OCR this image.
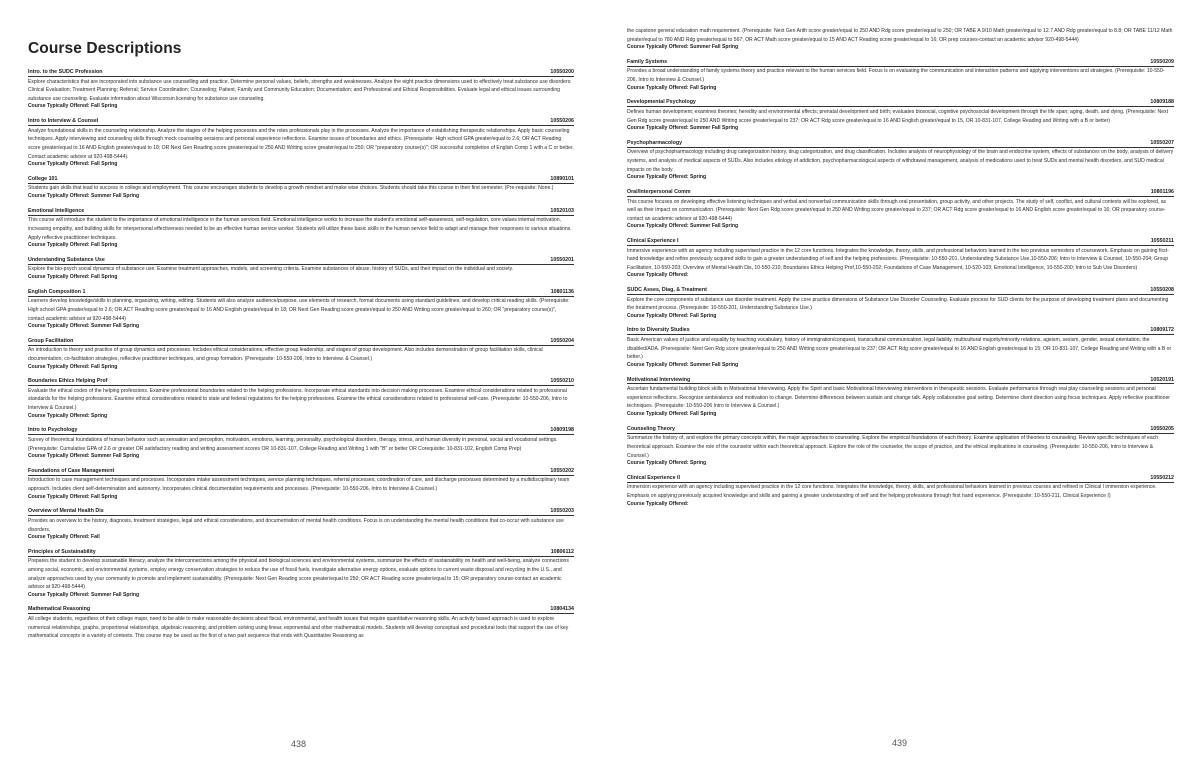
Course Descriptions
Intro. to the SUDC Profession	10550200
Explore characteristics that are incorporated into substance use counselling and practice. Determine personal values, beliefs, strengths and weaknesses. Analyze the eight practice dimensions used to effectively treat substance use disorders: Clinical Evaluation; Treatment Planning; Referral; Service Coordination; Counseling; Patient, Family and Community Education; Documentation; and Professional and Ethical Responsibilities. Evaluate legal and ethical issues surrounding substance use counseling. Evaluate information about Wisconsin licensing for substance use counseling.
Course Typically Offered: Fall Spring
Intro to Interview & Counsel	10550206
Analyze foundational skills in the counseling relationship. Analyze the stages of the helping processes and the roles professionals play in the processes. Analyze the importance of establishing therapeutic relationships. Apply basic counseling techniques. Apply interviewing and counseling skills through mock counseling sessions and personal experience reflections. Examine issues of boundaries and ethics. (Prerequisite: High school GPA greater/equal to 2.6; OR ACT Reading score greater/equal to 16 AND English greater/equal to 18; OR Next Gen Reading score greater/equal to 250 AND Writing score greater/equal to 250; OR "preparatory course(s)"; OR successful completion of English Comp 1 with a C or better. Contact academic advisor at 920-498-5444).
Course Typically Offered: Fall Spring
College 101	10890101
Students gain skills that lead to success in college and employment. This course encourages students to develop a growth mindset and make wise choices. Students should take this course in their first semester. (Pre-requisite: None.)
Course Typically Offered: Summer Fall Spring
Emotional Intelligence	10520103
This course will introduce the student to the importance of emotional intelligence in the human services field. Emotional intelligence works to increase the student's emotional self-awareness, self-regulation, core values internal motivation, increasing empathy, and building skills for interpersonal effectiveness needed to be an effective human service worker. Students will utilize these basic skills in the human service field to adapt and manage their responses to various situations. Apply reflective practitioner techniques.
Course Typically Offered: Fall Spring
Understanding Substance Use	10550201
Explore the bio-psych social dynamics of substance use. Examine treatment approaches, models, and screening criteria. Examine substances of abuse, history of SUDs, and their impact on the individual and society.
Course Typically Offered: Fall Spring
English Composition 1	10801136
Learners develop knowledge/skills in planning, organizing, writing, editing. Students will also analyze audience/purpose, use elements of research, format documents using standard guidelines, and develop critical reading skills. (Prerequisite: High school GPA greater/equal to 2.6; OR ACT Reading score greater/equal to 16 AND English greater/equal to 18; OR Next Gen Reading score greater/equal to 250 AND Writing score greater/equal to 260; OR "preparatory course(s)", contact academic advisor at 920-498-5444)
Course Typically Offered: Summer Fall Spring
Group Facilitation	10550204
An introduction to theory and practice of group dynamics and processes. Includes ethical considerations, effective group leadership, and stages of group development. Also includes demonstration of group facilitation skills, clinical documentation, co-facilitation strategies, reflective practitioner techniques, and group formation. (Prerequisite: 10-550-206, Intro to Interview. & Counsel.)
Course Typically Offered: Fall Spring
Boundaries Ethics Helping Prof	10550210
Evaluate the ethical codes of the helping professions. Examine professional boundaries related to the helping professions. Incorporate ethical standards into decision making processes. Examine ethical considerations related to professional standards for the helping professions. Examine ethical considerations related to state and federal regulations for the helping professions. Examine the ethical considerations related to professional self-care. (Prerequisite: 10-550-206, Intro to Interview & Counsel.)
Course Typically Offered: Spring
Intro to Psychology	10809198
Survey of theoretical foundations of human behavior such as sensation and perception, motivation, emotions, learning, personality, psychological disorders, therapy, stress, and human diversity in personal, social and vocational settings. (Prerequisite: Cumulative GPA of 2.6 or greater OR satisfactory reading and writing assessment scores OR 10-831-107, College Reading and Writing 1 with "B" or better OR Corequisite: 10-831-102, English Comp Prep)
Course Typically Offered: Summer Fall Spring
Foundations of Case Management	10550202
Introduction to case management techniques and processes. Incorporates intake assessment techniques, service planning techniques, referral processes, coordination of care, and discharge processes determined by a multidisciplinary team approach. Includes client self-determination and autonomy. Incorporates clinical documentation requirements and processes. (Prerequisite: 10-550-206, Intro to Interview & Counsel.)
Course Typically Offered: Fall Spring
Overview of Mental Health Dis	10550203
Provides an overview to the history, diagnosis, treatment strategies, legal and ethical considerations, and documentation of mental health conditions. Focus is on understanding the mental health conditions that co-occur with substance use disorders.
Course Typically Offered: Fall
Principles of Sustainability	10806112
Prepares the student to develop sustainable literacy, analyze the interconnections among the physical and biological sciences and environmental systems, summarize the effects of sustainability on health and well-being, analyze connections among social, economic, and environmental systems, employ energy conservation strategies to reduce the use of fossil fuels, investigate alternative energy options, evaluate options to current waste disposal and recycling in the U.S., and analyze approaches used by your community to promote and implement sustainability. (Prerequisite: Next Gen Reading score greater/equal to 250; OR ACT Reading score greater/equal to 15; OR preparatory course-contact an academic advisor at 920-498-5444)
Course Typically Offered: Summer Fall Spring
Mathematical Reasoning	10804134
All college students, regardless of their college major, need to be able to make reasonable decisions about fiscal, environmental, and health issues that require quantitative reasoning skills. An activity based approach is used to explore numerical relationships, graphs, proportional relationships, algebraic reasoning, and problem solving using linear, exponential and other mathematical models. Students will develop conceptual and procedural tools that support the use of key mathematical concepts in a variety of contexts. This course may be used as the first of a two part sequence that ends with Quantitative Reasoning as
438
the capstone general education math requirement. (Prerequisite: Next Gen Arith score greater/equal to 250 AND Rdg score greater/equal to 250; OR TABE A 9/10 Math greater/equal to 12.7 AND Rdg greater/equal to 8.8; OR TABE 11/12 Math greater/equal to 780 AND Rdg greater/equal to 567; OR ACT Math score greater/equal to 15 AND ACT Reading score greater/equal to 16; OR prep courses-contact an academic advisor 920-498-5444)
Course Typically Offered: Summer Fall Spring
Family Systems	10550209
Provides a broad understanding of family systems theory and practice relevant to the human services field. Focus is on evaluating the communication and interaction patterns and applying interventions and strategies. (Prerequisite: 10-550-206, Intro to Interview & Counsel.)
Course Typically Offered: Fall Spring
Developmental Psychology	10809188
Defines human development; examines theories; heredity and environmental effects; prenatal development and birth; evaluates biosocial, cognitive psychosocial development through the life span; aging, death, and dying. (Prerequisite: Next Gen Rdg score greater/equal to 250 AND Writing score greater/equal to 237; OR ACT Rdg score greater/equal to 16 AND English greater/equal to 15, OR 10-831-107, College Reading and Writing with a B or better)
Course Typically Offered: Summer Fall Spring
Psychopharmacology	10550207
Overview of psychopharmacology including drug categorization history, drug categorization, and drug classification. Includes analysis of neurophysiology of the brain and endocrine system, effects of substances on the body, analysis of delivery systems, and analysis of medical aspects of SUDs. Also includes etiology of addiction, psychopharmacological aspects of withdrawal management, analysis of medications used to treat SUDs and mental health disorders, and SUD medical impacts on the body.
Course Typically Offered: Spring
Oral/Interpersonal Comm	10801196
This course focuses on developing effective listening techniques and verbal and nonverbal communication skills through oral presentation, group activity, and other projects. The study of self, conflict, and cultural contexts will be explored, as well as their impact on communication. (Prerequisite: Next Gen Rdg score greater/equal to 250 AND Writing score greater/equal to 237; OR ACT Rdg score greater/equal to 16 AND English score greater/equal to 16; OR preparatory course-contact an academic advisor at 920-498-5444)
Course Typically Offered: Summer Fall Spring
Clinical Experience I	10550211
Immersive experience with an agency including supervised practice in the 12 core functions. Integrates the knowledge, theory, skills, and professional behaviors learned in the two previous semesters of coursework. Emphasis on gaining first-hand knowledge and refine previously acquired skills to gain a greater understanding of self and the helping professions. (Prerequisite: 10-550-201, Understanding Substance Use,10-550-206; Intro to Interview & Counsel, 10-550-204; Group Facilitation, 10-550-203; Overview of Mental Health Dis, 10-550-210; Boundaries Ethics Helping Prof,10-550-202; Foundations of Case Management, 10-520-103; Emotional Intelligence, 10-550-200; Intro to Sub Use Disorders)
Course Typically Offered:
SUDC Asses, Diag, & Treatment	10550208
Explore the core components of substance use disorder treatment. Apply the core practice dimensions of Substance Use Disorder Counseling. Evaluate process for SUD clients for the purpose of developing treatment plans and documenting the treatment process. (Prerequisite: 10-550-201, Understanding Substance Use.)
Course Typically Offered: Fall Spring
Intro to Diversity Studies	10809172
Basic American values of justice and equality by teaching vocabulary, history of immigration/conquest, transcultural communication, legal liability, multicultural majority/minority relations, ageism, sexism, gender, sexual orientation, the disabled/ADA. (Prerequisite: Next Gen Rdg score greater/equal to 250 AND Writing score greater/equal to 237; OR ACT Rdg score greater/equal to 16 AND English greater/equal to 15; OR 10-831-107, College Reading and Writing with a B or better.)
Course Typically Offered: Summer Fall Spring
Motivational Interviewing	10520191
Ascertain fundamental building block skills in Motivational Interviewing. Apply the Spirit and basic Motivational Interviewing interventions in therapeutic sessions. Evaluate performance through real play counseling sessions and personal experience reflections. Recognize ambivalence and motivation to change. Determine differences between sustain and change talk. Apply collaborative goal setting. Determine client direction using focus techniques. Apply reflective practitioner techniques. (Prerequisite: 10-550-206 Intro to Interview & Counsel.)
Course Typically Offered: Fall Spring
Counseling Theory	10550205
Summarize the history of, and explore the primary concepts within, the major approaches to counseling. Explore the empirical foundations of each theory. Examine application of theories to counseling. Review specific techniques of each theoretical approach. Examine the role of the counselor within each theoretical approach. Explore the role of the counselor, the scope of practice, and the ethical implications in counseling. (Prerequisite: 10-550-206, Intro to Interview & Counsel.)
Course Typically Offered: Spring
Clinical Experience II	10550212
Immersion experience with an agency including supervised practice in the 12 core functions. Integrates the knowledge, theory, skills, and professional behaviors learned in previous courses and refined in Clinical I immersion experience. Emphasis on applying previously acquired knowledge and skills and gaining a greater understanding of self and the helping professions through first hand experience. (Prerequisite: 10-550-211, Clinical Experience I)
Course Typically Offered:
439
